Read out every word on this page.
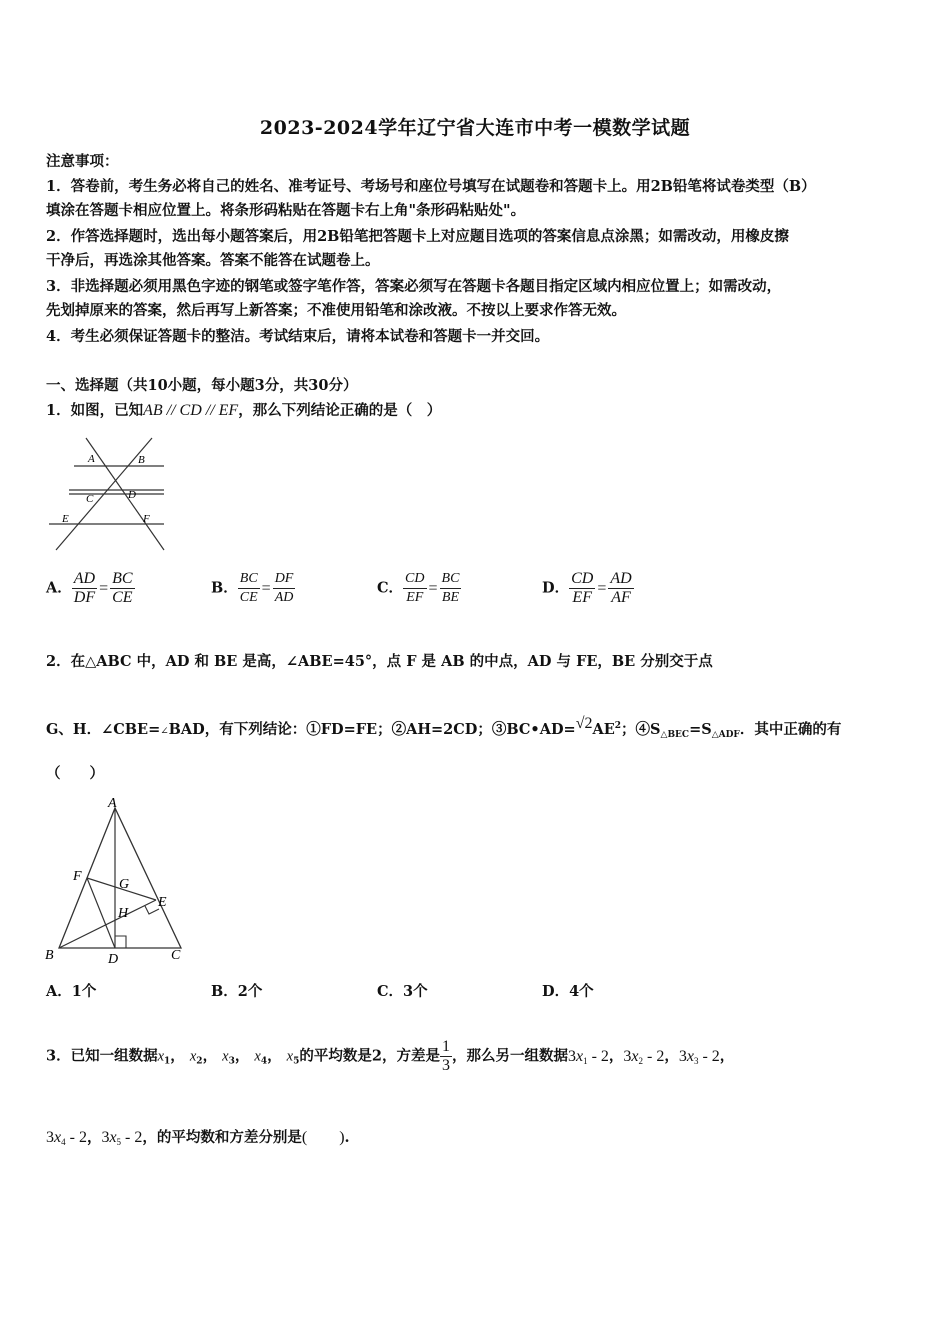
2023-2024学年辽宁省大连市中考一模数学试题
注意事项：
1．答卷前，考生务必将自己的姓名、准考证号、考场号和座位号填写在试题卷和答题卡上。用2B铅笔将试卷类型（B）
填涂在答题卡相应位置上。将条形码粘贴在答题卡右上角"条形码粘贴处"。
2．作答选择题时，选出每小题答案后，用2B铅笔把答题卡上对应题目选项的答案信息点涂黑；如需改动，用橡皮擦
干净后，再选涂其他答案。答案不能答在试题卷上。
3．非选择题必须用黑色字迹的钢笔或签字笔作答，答案必须写在答题卡各题目指定区域内相应位置上；如需改动，
先划掉原来的答案，然后再写上新答案；不准使用铅笔和涂改液。不按以上要求作答无效。
4．考生必须保证答题卡的整洁。考试结束后，请将本试卷和答题卡一并交回。
一、选择题（共10小题，每小题3分，共30分）
1．如图，已知AB // CD // EF，那么下列结论正确的是（　）
A	B
C	D
E	F
A． $\frac{AD}{DF} = \frac{BC}{CE}$	B． $\frac{BC}{CE} = \frac{DF}{AD}$	C． $\frac{CD}{EF} = \frac{BC}{BE}$	D． $\frac{CD}{EF} = \frac{AD}{AF}$
2．在△ABC 中，AD 和 BE 是高，∠ABE=45°，点 F 是 AB 的中点，AD 与 FE，BE 分别交于点
G、H．∠CBE=∠BAD，有下列结论：①FD=FE；②AH=2CD；$③BC•AD=√2AE^2$；$④S_{\triangle BEC}=S_{\triangle ADF}$．其中正确的有
（　　）
A
F
G
E
H
B	D	C
A．1个	B．2个	C．3个	D．4个
3．已知一组数据$x_1$， $x_2$， $x_3$， $x_4$， $x_5$的平均数是2，方差是 $\frac{1}{3}$ ，那么另一组数据$3x_1 - 2$，$3x_2 - 2$，$3x_3 - 2$，
$3x_4 - 2$，$3x_5 - 2$，的平均数和方差分别是(　　).
